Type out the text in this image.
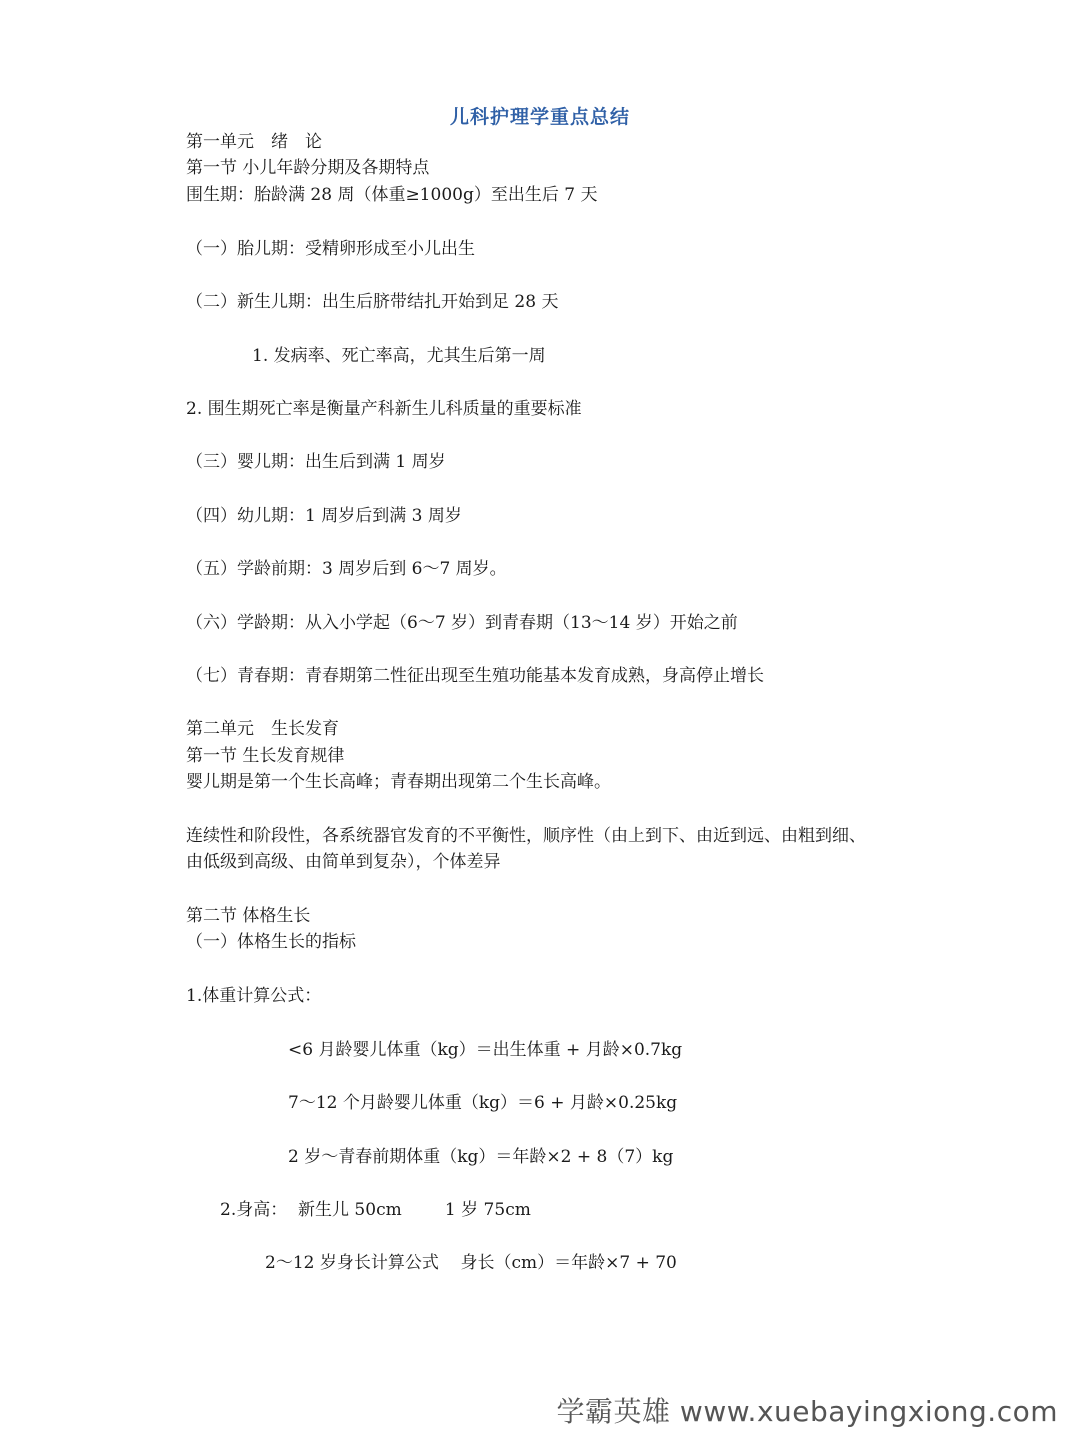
儿科护理学重点总结
第一单元　绪　论
第一节 小儿年龄分期及各期特点
围生期：胎龄满 28 周（体重≥1000g）至出生后 7 天
（一）胎儿期：受精卵形成至小儿出生
（二）新生儿期：出生后脐带结扎开始到足 28 天
1. 发病率、死亡率高，尤其生后第一周
2. 围生期死亡率是衡量产科新生儿科质量的重要标准
（三）婴儿期：出生后到满 1 周岁
（四）幼儿期：1 周岁后到满 3 周岁
（五）学龄前期：3 周岁后到 6～7 周岁。
（六）学龄期：从入小学起（6～7 岁）到青春期（13～14 岁）开始之前
（七）青春期：青春期第二性征出现至生殖功能基本发育成熟，身高停止增长
第二单元　生长发育
第一节 生长发育规律
婴儿期是第一个生长高峰；青春期出现第二个生长高峰。
连续性和阶段性，各系统器官发育的不平衡性，顺序性（由上到下、由近到远、由粗到细、
由低级到高级、由简单到复杂），个体差异
第二节 体格生长
（一）体格生长的指标
1.体重计算公式：
<6 月龄婴儿体重（kg）＝出生体重 + 月龄×0.7kg
7～12 个月龄婴儿体重（kg）＝6 + 月龄×0.25kg
2 岁～青春前期体重（kg）＝年龄×2 + 8（7）kg
2.身高：  新生儿 50cm        1 岁 75cm
2～12 岁身长计算公式    身长（cm）＝年龄×7 + 70
学霸英雄 www.xuebayingxiong.com
